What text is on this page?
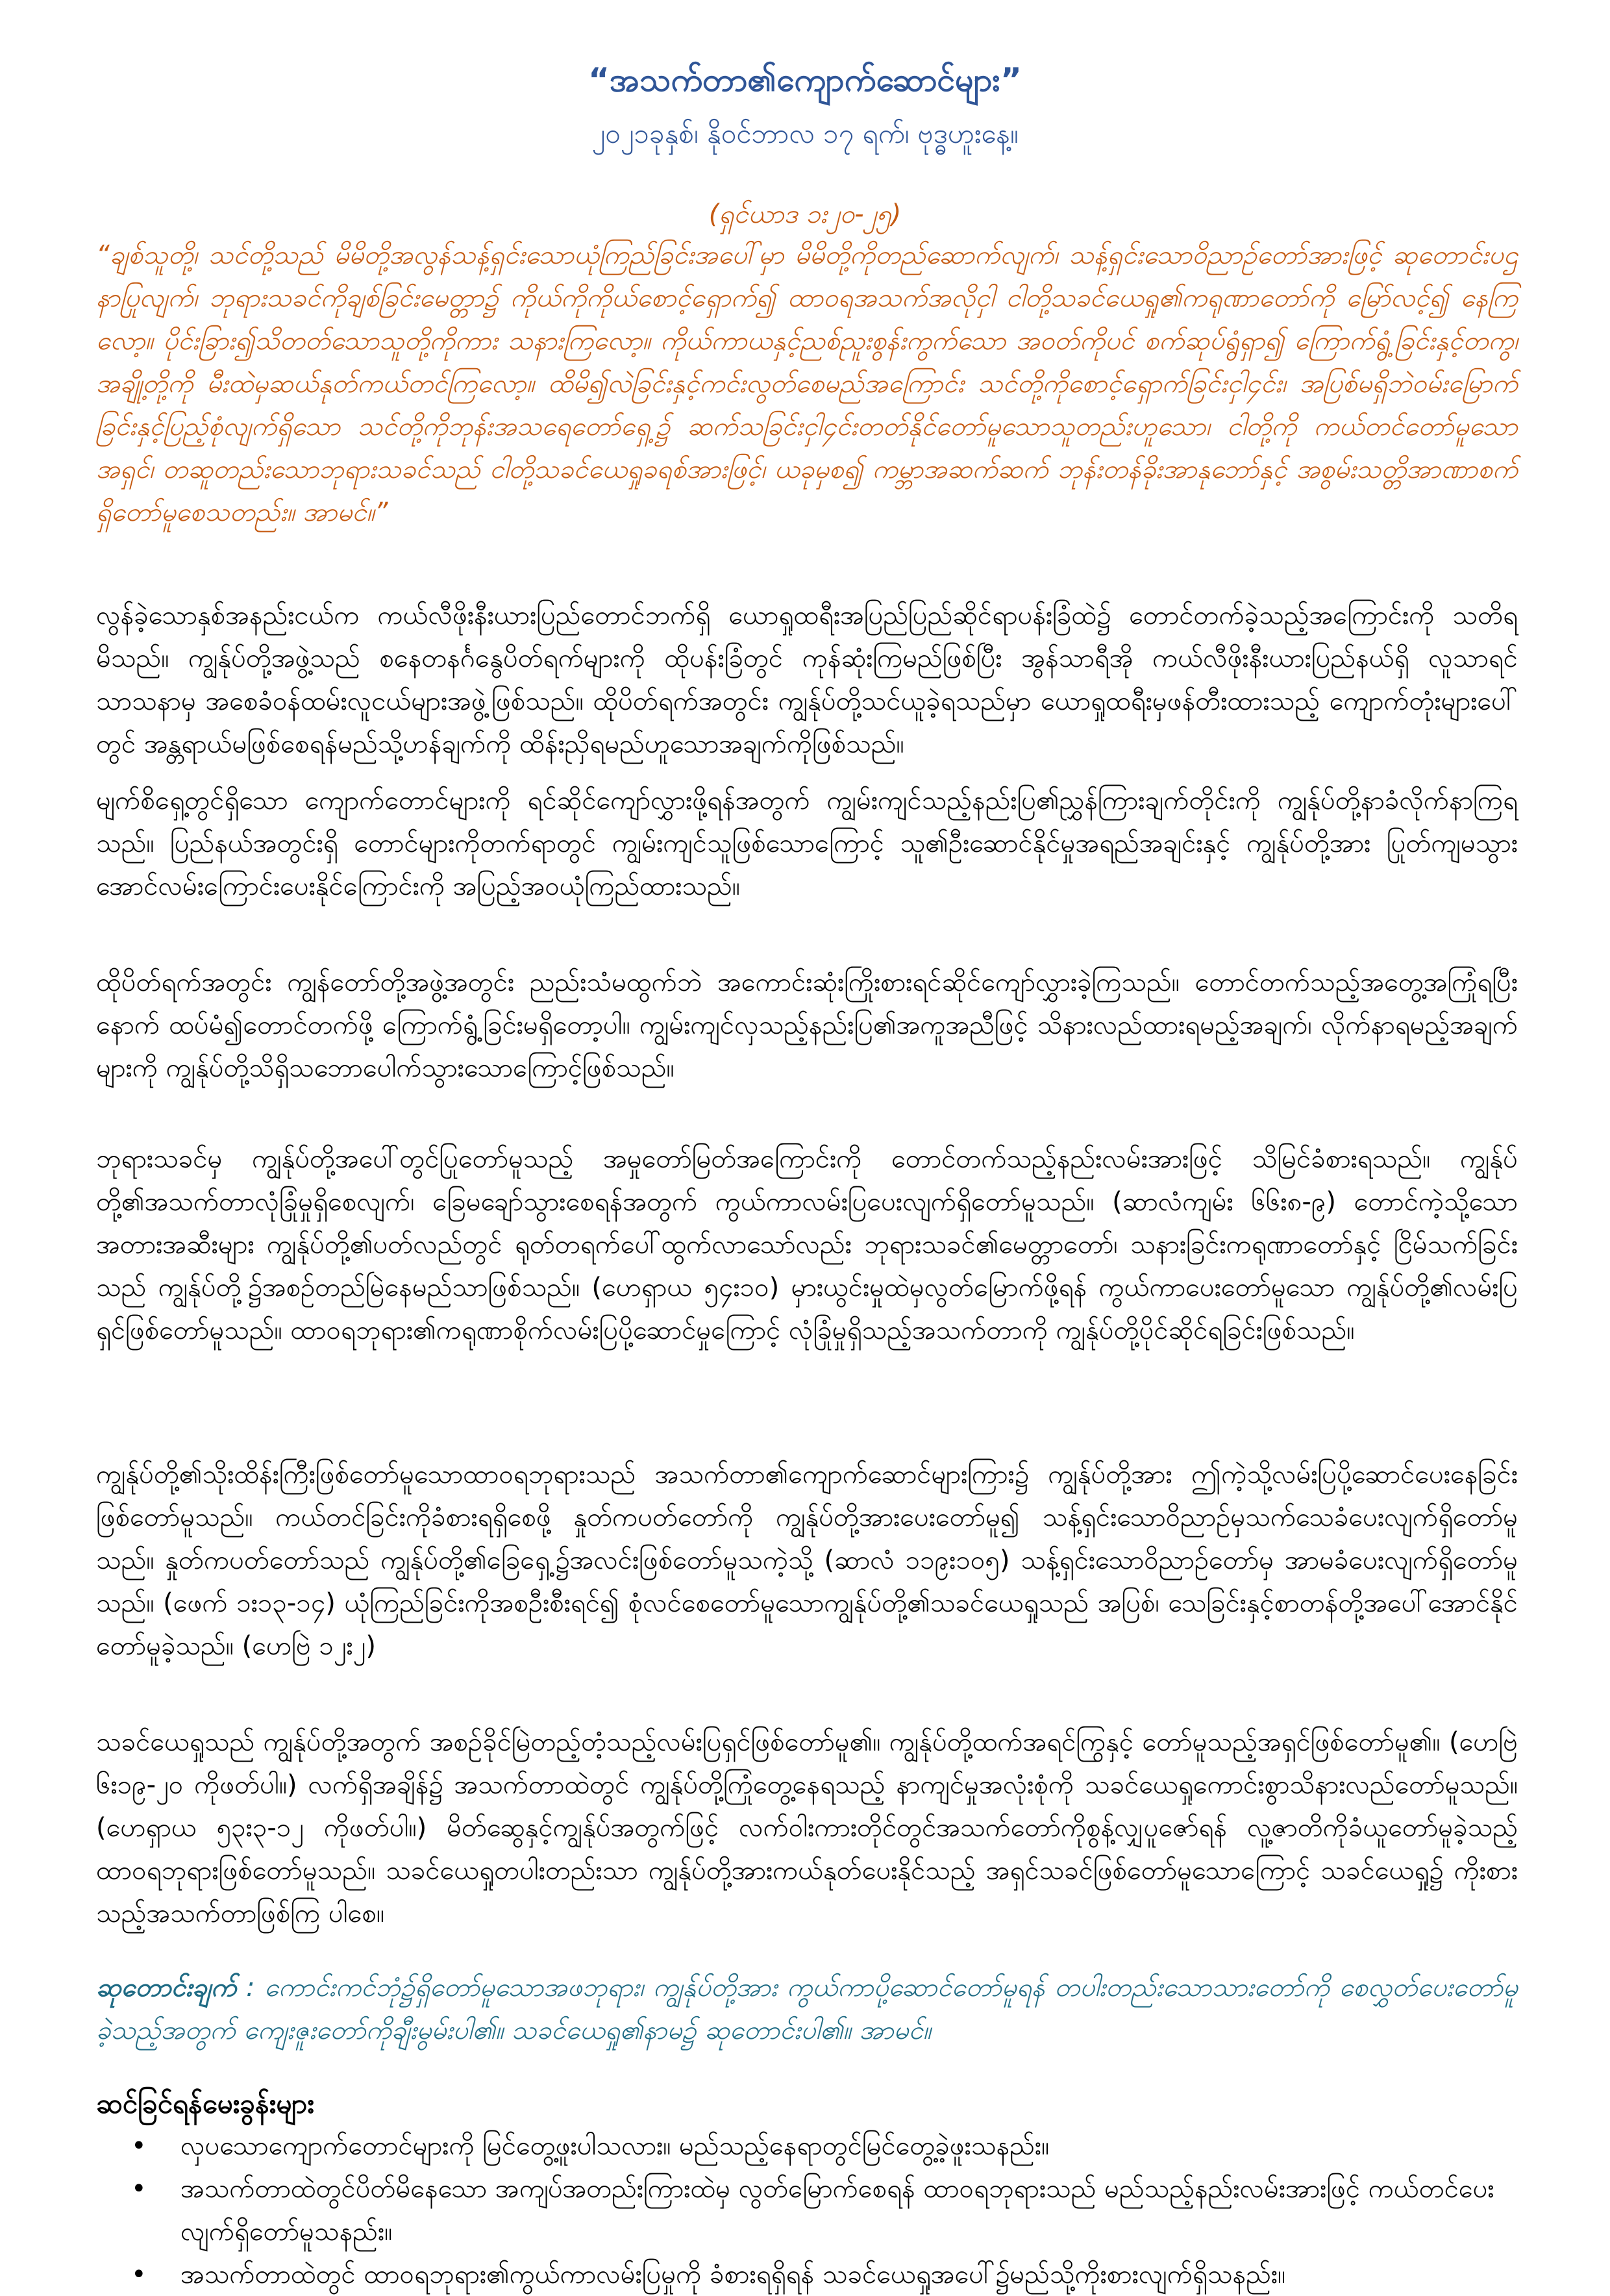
“အသက်တာ၏ကျောက်ဆောင်များ”
၂၀၂၁ခုနှစ်၊ နိုဝင်ဘာလ ၁၇ ရက်၊ ဗုဒ္ဓဟူးနေ့။
(ရှင်ယာဒ ၁း၂၀-၂၅)

“ချစ်သူတို့၊ သင်တို့သည် မိမိတို့အလွန်သန့်ရှင်းသောယုံကြည်ခြင်းအပေါ်မှာ မိမိတို့ကိုတည်ဆောက်လျက်၊ သန့်ရှင်းသောဝိညာဉ်တော်အားဖြင့် ဆုတောင်းပဌနာပြုလျက်၊ ဘုရားသခင်ကိုချစ်ခြင်းမေတ္တာ၌ ကိုယ်ကိုကိုယ်စောင့်ရှောက်၍ ထာဝရအသက်အလိုငှါ ငါတို့သခင်ယေရှု၏ကရုဏာတော်ကို မြော်လင့်၍ နေကြလော့။ ပိုင်းခြား၍သိတတ်သောသူတို့ကိုကား သနားကြလော့။ ကိုယ်ကာယနှင့်ညစ်ညူးစွန်းကွက်သော အဝတ်ကိုပင် စက်ဆုပ်ရွံရှာ၍ ကြောက်ရွံ့ခြင်းနှင့်တကွ၊ အချို့တို့ကို မီးထဲမှဆယ်နုတ်ကယ်တင်ကြလော့။ ထိမိ၍လဲခြင်းနှင့်ကင်းလွတ်စေမည်အကြောင်း သင်တို့ကိုစောင့်ရှောက်ခြင်းငှါ၄င်း၊ အပြစ်မရှိဘဲဝမ်းမြောက်ခြင်းနှင့်ပြည့်စုံလျက်ရှိသော သင်တို့ကိုဘုန်းအသရေတော်ရှေ့၌ ဆက်သခြင်းငှါ၄င်းတတ်နိုင်တော်မူသောသူတည်းဟူသော၊ ငါတို့ကို ကယ်တင်တော်မူသောအရှင်၊ တဆူတည်းသောဘုရားသခင်သည် ငါတို့သခင်ယေရှုခရစ်အားဖြင့်၊ ယခုမှစ၍ ကမ္ဘာအဆက်ဆက် ဘုန်းတန်ခိုးအာနုဘော်နှင့် အစွမ်းသတ္တိအာဏာစက်ရှိတော်မူစေသတည်း။ အာမင်။”

လွန်ခဲ့သောနှစ်အနည်းငယ်က ကယ်လီဖိုးနီးယားပြည်တောင်ဘက်ရှိ ယောရှုထရီးအပြည်ပြည်ဆိုင်ရာပန်းခြံထဲ၌ တောင်တက်ခဲ့သည့်အကြောင်းကို သတိရမိသည်။ ကျွန်ုပ်တို့အဖွဲ့သည် စနေတနင်္ဂနွေပိတ်ရက်များကို ထိုပန်းခြံတွင် ကုန်ဆုံးကြမည်ဖြစ်ပြီး အွန်သာရီအို ကယ်လီဖိုးနီးယားပြည်နယ်ရှိ လူသာရင်သာသနာမှ အစေခံဝန်ထမ်းလူငယ်များအဖွဲ့ဖြစ်သည်။ ထိုပိတ်ရက်အတွင်း ကျွန်ုပ်တို့သင်ယူခဲ့ရသည်မှာ ယောရှုထရီးမှဖန်တီးထားသည့် ကျောက်တုံးများပေါ်တွင် အန္တရာယ်မဖြစ်စေရန်မည်သို့ဟန်ချက်ကို ထိန်းညှိရမည်ဟူသောအချက်ကိုဖြစ်သည်။

မျက်စိရှေ့တွင်ရှိသော ကျောက်တောင်များကို ရင်ဆိုင်ကျော်လွှားဖို့ရန်အတွက် ကျွမ်းကျင်သည့်နည်းပြ၏ညွှန်ကြားချက်တိုင်းကို ကျွန်ုပ်တို့နာခံလိုက်နာကြရသည်။ ပြည်နယ်အတွင်းရှိ တောင်များကိုတက်ရာတွင် ကျွမ်းကျင်သူဖြစ်သောကြောင့် သူ၏ဦးဆောင်နိုင်မှုအရည်အချင်းနှင့် ကျွန်ုပ်တို့အား ပြုတ်ကျမသွားအောင်လမ်းကြောင်းပေးနိုင်ကြောင်းကို အပြည့်အဝယုံကြည်ထားသည်။

ထိုပိတ်ရက်အတွင်း ကျွန်တော်တို့အဖွဲ့အတွင်း ညည်းသံမထွက်ဘဲ အကောင်းဆုံးကြိုးစားရင်ဆိုင်ကျော်လွှားခဲ့ကြသည်။ တောင်တက်သည့်အတွေ့အကြုံရပြီးနောက် ထပ်မံ၍တောင်တက်ဖို့ ကြောက်ရွံ့ခြင်းမရှိတော့ပါ။ ကျွမ်းကျင်လှသည့်နည်းပြ၏အကူအညီဖြင့် သိနားလည်ထားရမည့်အချက်၊ လိုက်နာရမည့်အချက်များကို ကျွန်ုပ်တို့သိရှိသဘောပေါက်သွားသောကြောင့်ဖြစ်သည်။

ဘုရားသခင်မှ ကျွန်ုပ်တို့အပေါ်တွင်ပြုတော်မူသည့် အမှုတော်မြတ်အကြောင်းကို တောင်တက်သည့်နည်းလမ်းအားဖြင့် သိမြင်ခံစားရသည်။ ကျွန်ုပ်တို့၏အသက်တာလုံခြုံမှုရှိစေလျက်၊ ခြေမချော်သွားစေရန်အတွက် ကွယ်ကာလမ်းပြပေးလျက်ရှိတော်မူသည်။ (ဆာလံကျမ်း ၆၆း၈-၉) တောင်ကဲ့သို့သောအတားအဆီးများ ကျွန်ုပ်တို့၏ပတ်လည်တွင် ရုတ်တရက်ပေါ်ထွက်လာသော်လည်း ဘုရားသခင်၏မေတ္တာတော်၊ သနားခြင်းကရုဏာတော်နှင့် ငြိမ်သက်ခြင်းသည် ကျွန်ုပ်တို့၌အစဉ်တည်မြဲနေမည်သာဖြစ်သည်။ (ဟေရှာယ ၅၄း၁၀) မှားယွင်းမှုထဲမှလွတ်မြောက်ဖို့ရန် ကွယ်ကာပေးတော်မူသော ကျွန်ုပ်တို့၏လမ်းပြရှင်ဖြစ်တော်မူသည်။ ထာဝရဘုရား၏ကရုဏာစိုက်လမ်းပြပို့ဆောင်မှုကြောင့် လုံခြုံမှုရှိသည့်အသက်တာကို ကျွန်ုပ်တို့ပိုင်ဆိုင်ရခြင်းဖြစ်သည်။

ကျွန်ုပ်တို့၏သိုးထိန်းကြီးဖြစ်တော်မူသောထာဝရဘုရားသည် အသက်တာ၏ကျောက်ဆောင်များကြား၌ ကျွန်ုပ်တို့အား ဤကဲ့သို့လမ်းပြပို့ဆောင်ပေးနေခြင်းဖြစ်တော်မူသည်။ ကယ်တင်ခြင်းကိုခံစားရရှိစေဖို့ နှုတ်ကပတ်တော်ကို ကျွန်ုပ်တို့အားပေးတော်မူ၍ သန့်ရှင်းသောဝိညာဉ်မှသက်သေခံပေးလျက်ရှိတော်မူသည်။ နှုတ်ကပတ်တော်သည် ကျွန်ုပ်တို့၏ခြေရှေ့၌အလင်းဖြစ်တော်မူသကဲ့သို့ (ဆာလံ ၁၁၉း၁၀၅) သန့်ရှင်းသောဝိညာဉ်တော်မှ အာမခံပေးလျက်ရှိတော်မူသည်။ (ဖေက် ၁း၁၃-၁၄) ယုံကြည်ခြင်းကိုအစဦးစီးရင်၍ စုံလင်စေတော်မူသောကျွန်ုပ်တို့၏သခင်ယေရှုသည် အပြစ်၊ သေခြင်းနှင့်စာတန်တို့အပေါ်အောင်နိုင်တော်မူခဲ့သည်။ (ဟေဗြဲ ၁၂း၂)

သခင်ယေရှုသည် ကျွန်ုပ်တို့အတွက် အစဉ်ခိုင်မြဲတည့်တံ့သည့်လမ်းပြရှင်ဖြစ်တော်မူ၏။ ကျွန်ုပ်တို့ထက်အရင်ကြွနှင့် တော်မူသည့်အရှင်ဖြစ်တော်မူ၏။ (ဟေဗြဲ ၆း၁၉-၂၀ ကိုဖတ်ပါ။) လက်ရှိအချိန်၌ အသက်တာထဲတွင် ကျွန်ုပ်တို့ကြုံတွေ့နေရသည့် နာကျင်မှုအလုံးစုံကို သခင်ယေရှုကောင်းစွာသိနားလည်တော်မူသည်။ (ဟေရှာယ ၅၃း၃-၁၂ ကိုဖတ်ပါ။) မိတ်ဆွေနှင့်ကျွန်ုပ်အတွက်ဖြင့် လက်ဝါးကားတိုင်တွင်အသက်တော်ကိုစွန့်လျှပူဇော်ရန် လူ့ဇာတိကိုခံယူတော်မူခဲ့သည့် ထာဝရဘုရားဖြစ်တော်မူသည်။ သခင်ယေရှုတပါးတည်းသာ ကျွန်ုပ်တို့အားကယ်နုတ်ပေးနိုင်သည့် အရှင်သခင်ဖြစ်တော်မူသောကြောင့် သခင်ယေရှု၌ ကိုးစားသည့်အသက်တာဖြစ်ကြ ပါစေ။

ဆုတောင်းချက် : ကောင်းကင်ဘုံ၌ရှိတော်မူသောအဖဘုရား၊ ကျွန်ုပ်တို့အား ကွယ်ကာပို့ဆောင်တော်မူရန် တပါးတည်းသောသားတော်ကို စေလွှတ်ပေးတော်မူခဲ့သည့်အတွက် ကျေးဇူးတော်ကိုချီးမွမ်းပါ၏။ သခင်ယေရှု၏နာမ၌ ဆုတောင်းပါ၏။ အာမင်။

ဆင်ခြင်ရန်မေးခွန်းများ
• လှပသောကျောက်တောင်များကို မြင်တွေ့ဖူးပါသလား။ မည်သည့်နေရာတွင်မြင်တွေ့ခဲ့ဖူးသနည်း။
• အသက်တာထဲတွင်ပိတ်မိနေသော အကျပ်အတည်းကြားထဲမှ လွတ်မြောက်စေရန် ထာဝရဘုရားသည် မည်သည့်နည်းလမ်းအားဖြင့် ကယ်တင်ပေးလျက်ရှိတော်မူသနည်း။
• အသက်တာထဲတွင် ထာဝရဘုရား၏ကွယ်ကာလမ်းပြမှုကို ခံစားရရှိရန် သခင်ယေရှုအပေါ်၌မည်သို့ကိုးစားလျက်ရှိသနည်း။
